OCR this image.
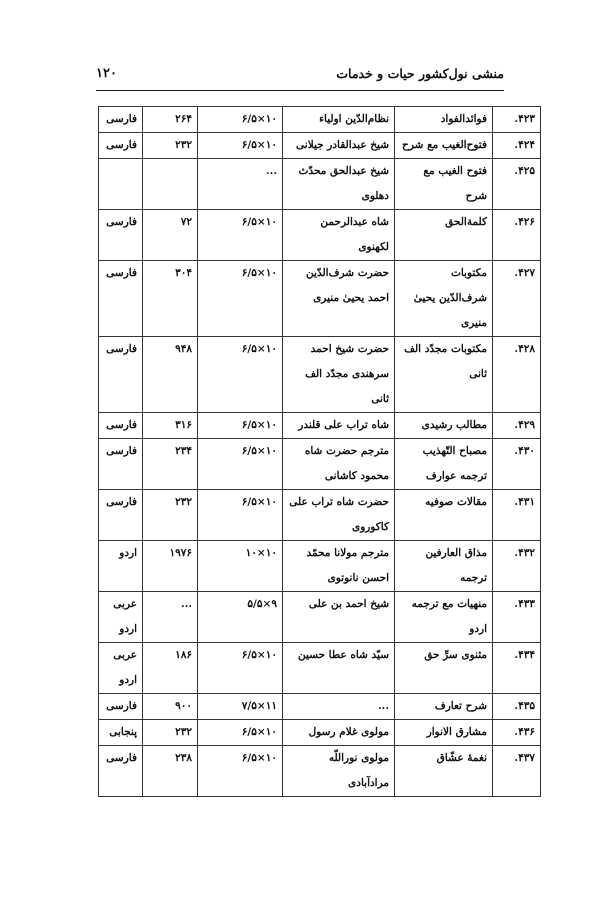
منشی نول‌کشور حیات و خدمات
۱۲۰
۴۲۳.	فوائدالفواد	نظام‌الدّین اولیاء	۱۰×۶/۵	۲۶۴	فارسی
۴۲۴.	فتوح‌الغیب مع شرح	شیخ عبدالقادر جیلانی	۱۰×۶/۵	۲۳۲	فارسی
۴۲۵.	فتوح الغیب مع شرح	شیخ عبدالحق محدّث دهلوی	...		
۴۲۶.	کلمة‌الحق	شاه عبدالرحمن لکهنوی	۱۰×۶/۵	۷۲	فارسی
۴۲۷.	مکتوبات شرف‌الدّین یحییٰ منیری	حضرت شرف‌الدّین احمد یحییٰ منیری	۱۰×۶/۵	۳۰۴	فارسی
۴۲۸.	مکتوبات مجدّد الف ثانی	حضرت شیخ احمد سرهندی مجدّد الف ثانی	۱۰×۶/۵	۹۴۸	فارسی
۴۲۹.	مطالب رشیدی	شاه تراب علی قلندر	۱۰×۶/۵	۳۱۶	فارسی
۴۳۰.	مصباح التّهذیب ترجمه عوارف	مترجم حضرت شاه محمود کاشانی	۱۰×۶/۵	۲۳۴	فارسی
۴۳۱.	مقالات صوفیه	حضرت شاه تراب علی کاکوروی	۱۰×۶/۵	۲۳۲	فارسی
۴۳۲.	مذاق العارفین ترجمه	مترجم مولانا محمّد احسن نانوتوی	۱۰×۱۰	۱۹۷۶	اردو
۴۳۳.	منهیات مع ترجمه اردو	شیخ احمد بن علی	۹×۵/۵	...	عربی اردو
۴۳۴.	مثنوی سرِّ حق	سیّد شاه عطا حسین	۱۰×۶/۵	۱۸۶	عربی اردو
۴۳۵.	شرح تعارف	...	۱۱×۷/۵	۹۰۰	فارسی
۴۳۶.	مشارق الانوار	مولوی غلام رسول	۱۰×۶/۵	۲۳۲	پنجابی
۴۳۷.	نغمهٔ عشّاق	مولوی نوراللّه مرادآبادی	۱۰×۶/۵	۲۳۸	فارسی
